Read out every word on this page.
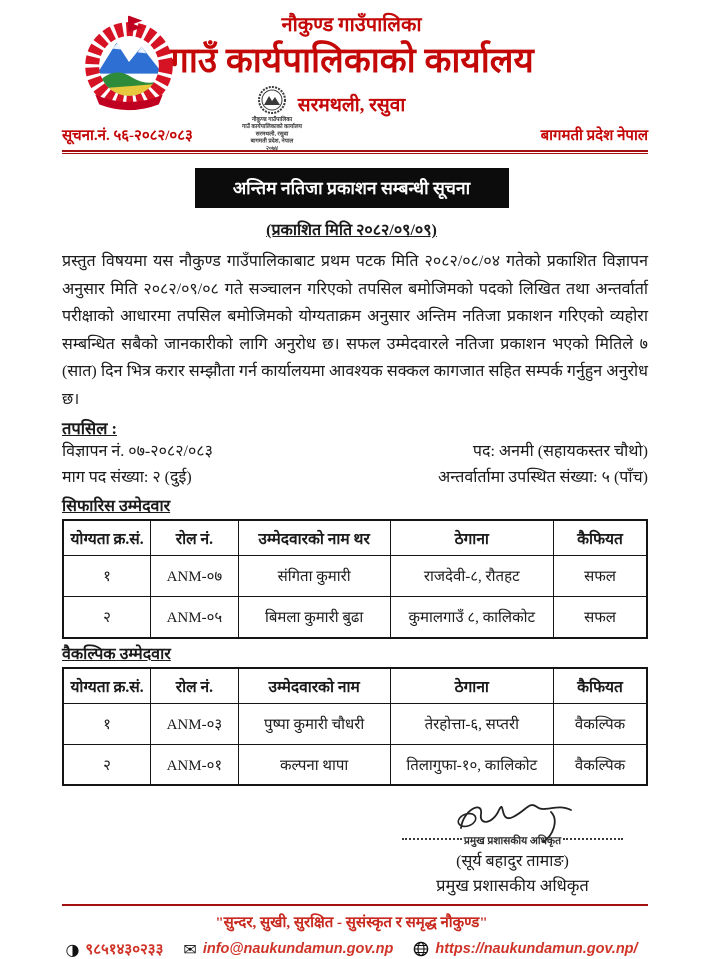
नौकुण्ड गाउँपालिका
गाउँ कार्यपालिकाको कार्यालय
नौकुण्ड गाउँपालिका
गाउँ कार्यपालिकाको कार्यालय
सरमथली, रसुवा
बागमती प्रदेश, नेपाल
२०७४
सरमथली, रसुवा
सूचना.नं. ५६-२०८२/०८३	बागमती प्रदेश नेपाल
अन्तिम नतिजा प्रकाशन सम्बन्धी सूचना
(प्रकाशित मिति २०८२/०९/०९)

प्रस्तुत विषयमा यस नौकुण्ड गाउँपालिकाबाट प्रथम पटक मिति २०८२/०८/०४ गतेको प्रकाशित विज्ञापन अनुसार मिति २०८२/०९/०८ गते सञ्चालन गरिएको तपसिल बमोजिमको पदको लिखित तथा अन्तर्वार्ता परीक्षाको आधारमा तपसिल बमोजिमको योग्यताक्रम अनुसार अन्तिम नतिजा प्रकाशन गरिएको व्यहोरा सम्बन्धित सबैको जानकारीको लागि अनुरोध छ। सफल उम्मेदवारले नतिजा प्रकाशन भएको मितिले ७ (सात) दिन भित्र करार सम्झौता गर्न कार्यालयमा आवश्यक सक्कल कागजात सहित सम्पर्क गर्नुहुन अनुरोध छ।

तपसिल :
विज्ञापन नं. ०७-२०८२/०८३	पद: अनमी (सहायकस्तर चौथो)
माग पद संख्या: २ (दुई)	अन्तर्वार्तामा उपस्थित संख्या: ५ (पाँच)
सिफारिस उम्मेदवार
योग्यता क्र.सं.	रोल नं.	उम्मेदवारको नाम थर	ठेगाना	कैफियत
१	ANM-०७	संगिता कुमारी	राजदेवी-८, रौतहट	सफल
२	ANM-०५	बिमला कुमारी बुढा	कुमालगाउँ ८, कालिकोट	सफल
वैकल्पिक उम्मेदवार
योग्यता क्र.सं.	रोल नं.	उम्मेदवारको नाम	ठेगाना	कैफियत
१	ANM-०३	पुष्पा कुमारी चौधरी	तेरहोत्ता-६, सप्तरी	वैकल्पिक
२	ANM-०१	कल्पना थापा	तिलागुफा-१०, कालिकोट	वैकल्पिक
प्रमुख प्रशासकीय अधिकृत
(सूर्य बहादुर तामाङ)
प्रमुख प्रशासकीय अधिकृत
"सुन्दर, सुखी, सुरक्षित - सुसंस्कृत र समृद्ध नौकुण्ड"
◑ ९८५१४३०२३३ ✉ info@naukundamun.gov.np	https://naukundamun.gov.np/
